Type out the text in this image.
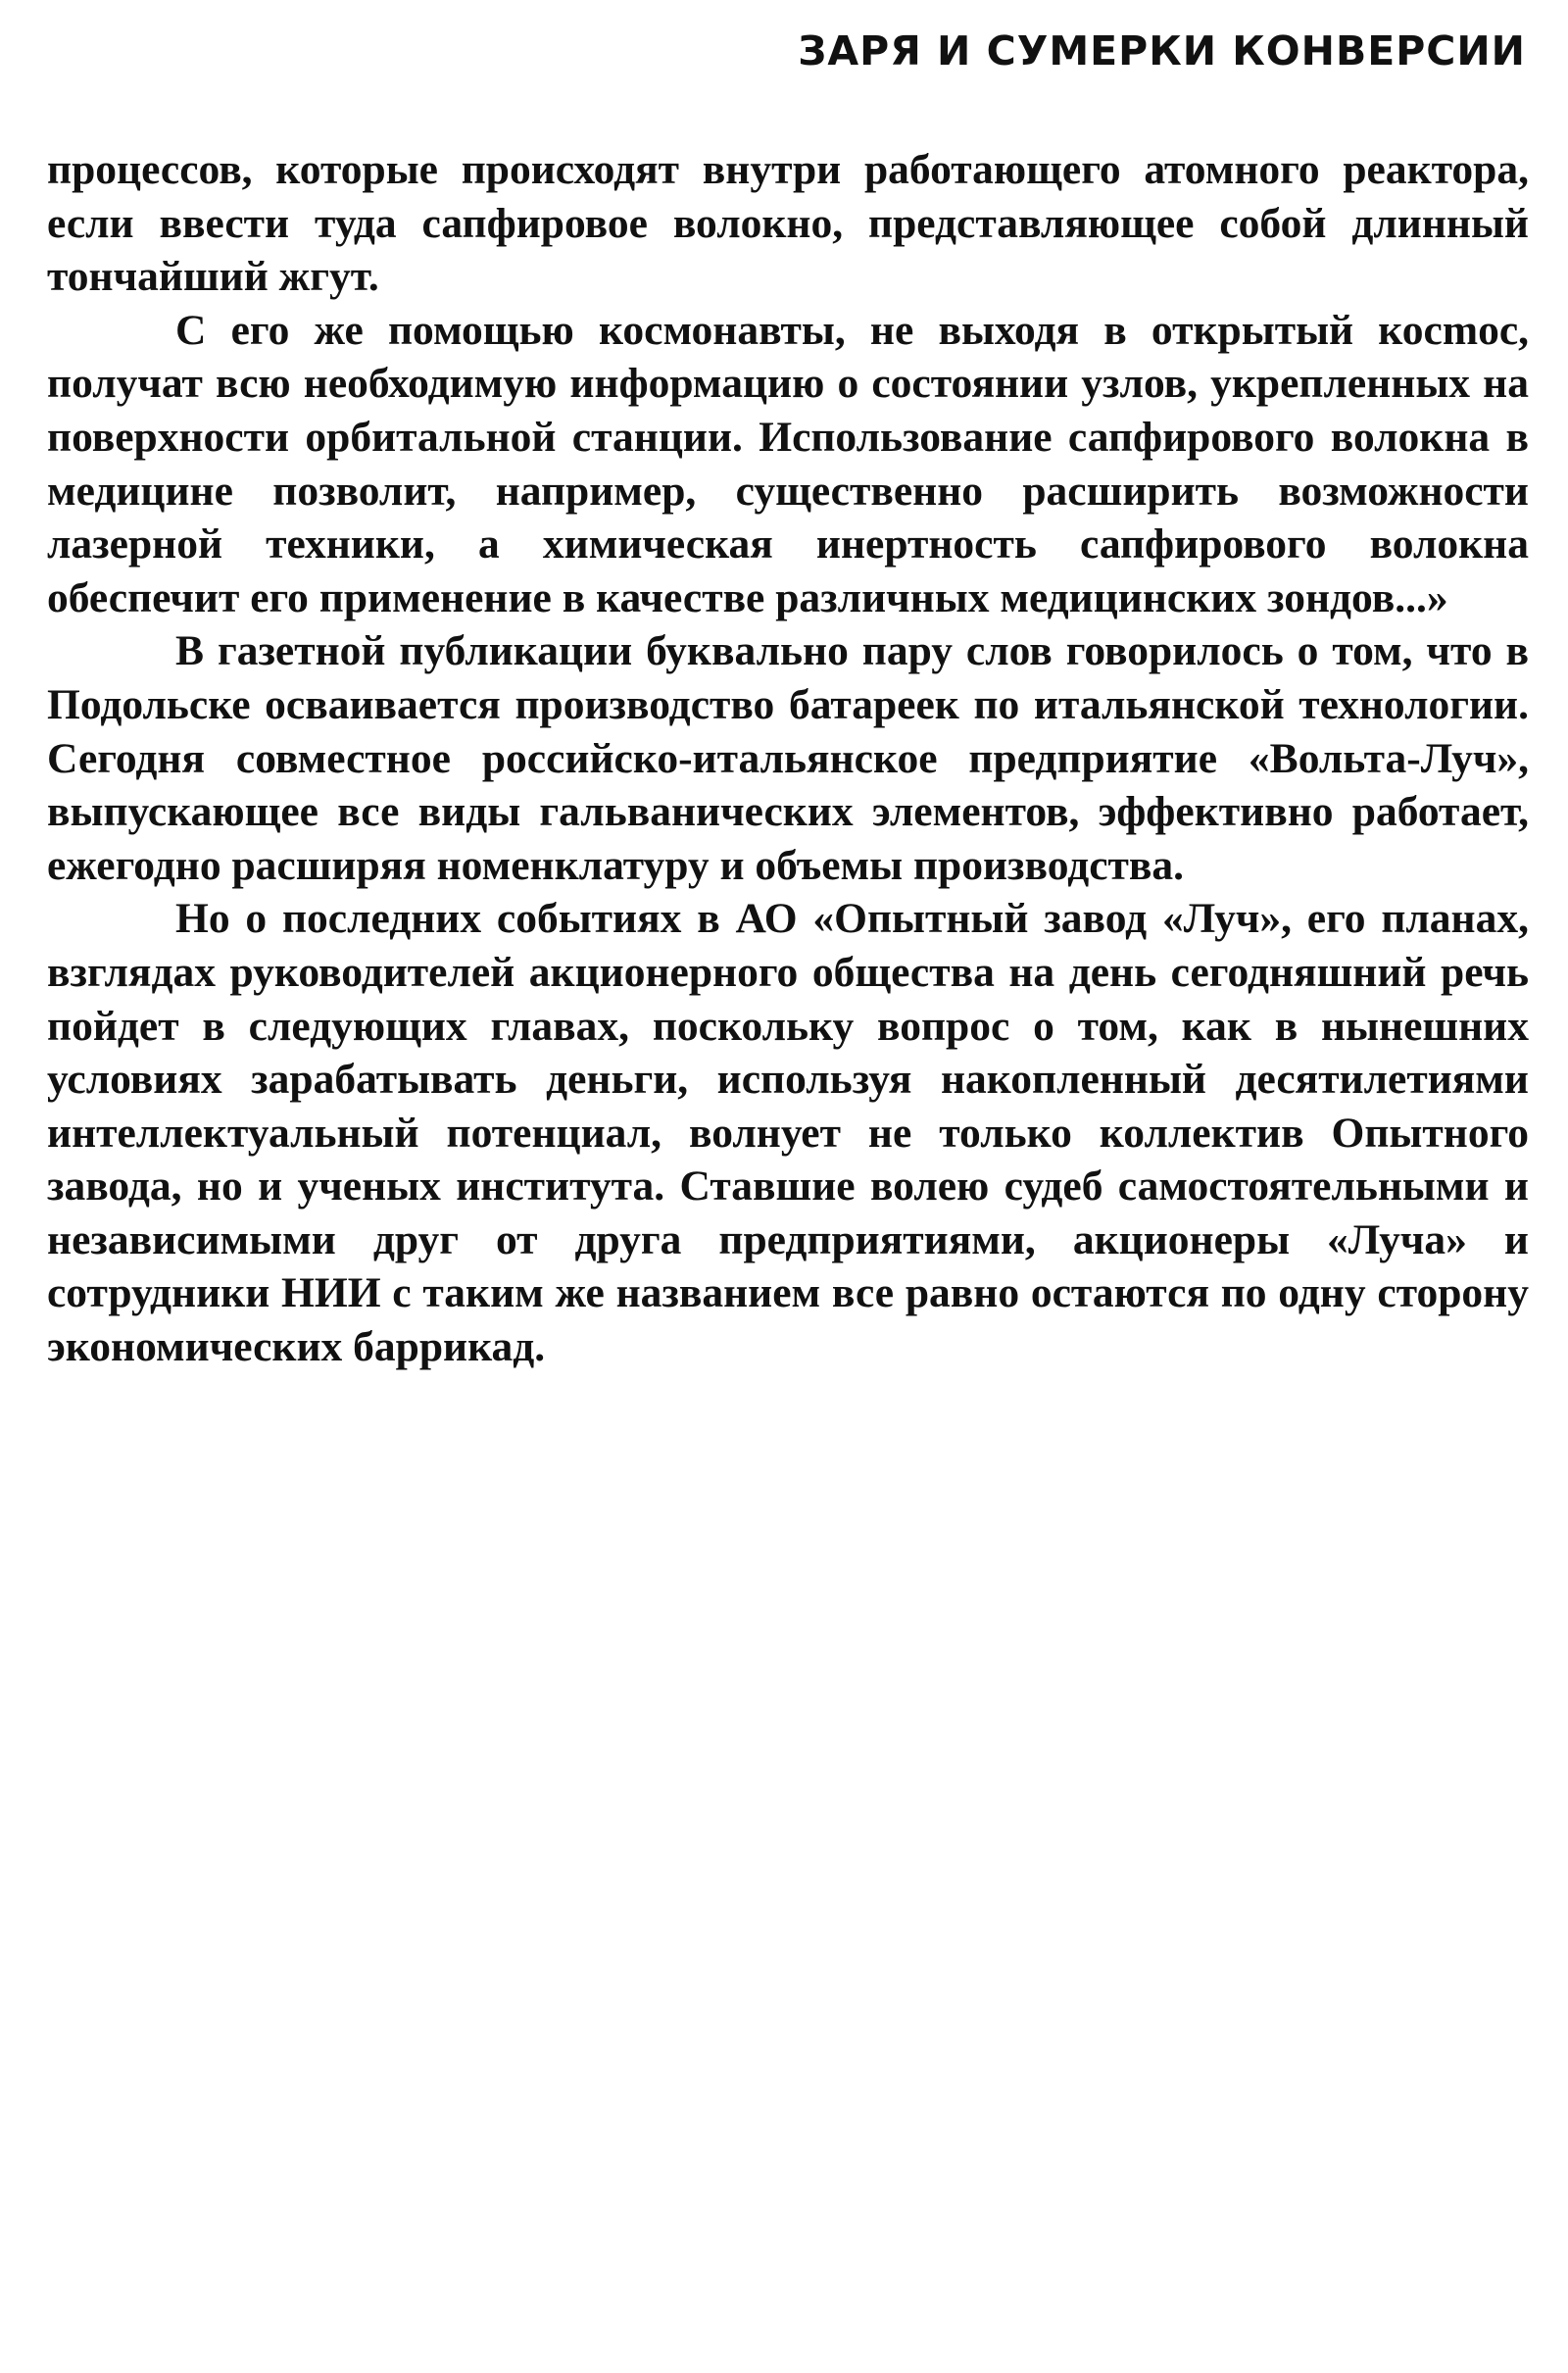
ЗАРЯ И СУМЕРКИ КОНВЕРСИИ

процессов, которые происходят внутри работающего атомного реактора, если ввести туда сапфировое волокно, представляющее собой длинный тончайший жгут.

С его же помощью космонавты, не выходя в открытый косmос, получат всю необходимую информацию о состоянии узлов, укрепленных на поверхности орбитальной станции. Использование сапфирового волокна в медицине позволит, например, существенно расширить возможности лазерной техники, а химическая инертность сапфирового волокна обеспечит его применение в качестве различных медицинских зондов...»

В газетной публикации буквально пару слов говорилось о том, что в Подольске осваивается производство батареек по итальянской технологии. Сегодня совместное российско-итальянское предприятие «Вольта-Луч», выпускающее все виды гальванических элементов, эффективно работает, ежегодно расширяя номенклатуру и объемы производства.

Но о последних событиях в АО «Опытный завод «Луч», его планах, взглядах руководителей акционерного общества на день сегодняшний речь пойдет в следующих главах, поскольку вопрос о том, как в нынешних условиях зарабатывать деньги, используя накопленный десятилетиями интеллектуальный потенциал, волнует не только коллектив Опытного завода, но и ученых института. Ставшие волею судеб самостоятельными и независимыми друг от друга предприятиями, акционеры «Луча» и сотрудники НИИ с таким же названием все равно остаются по одну сторону экономических баррикад.
